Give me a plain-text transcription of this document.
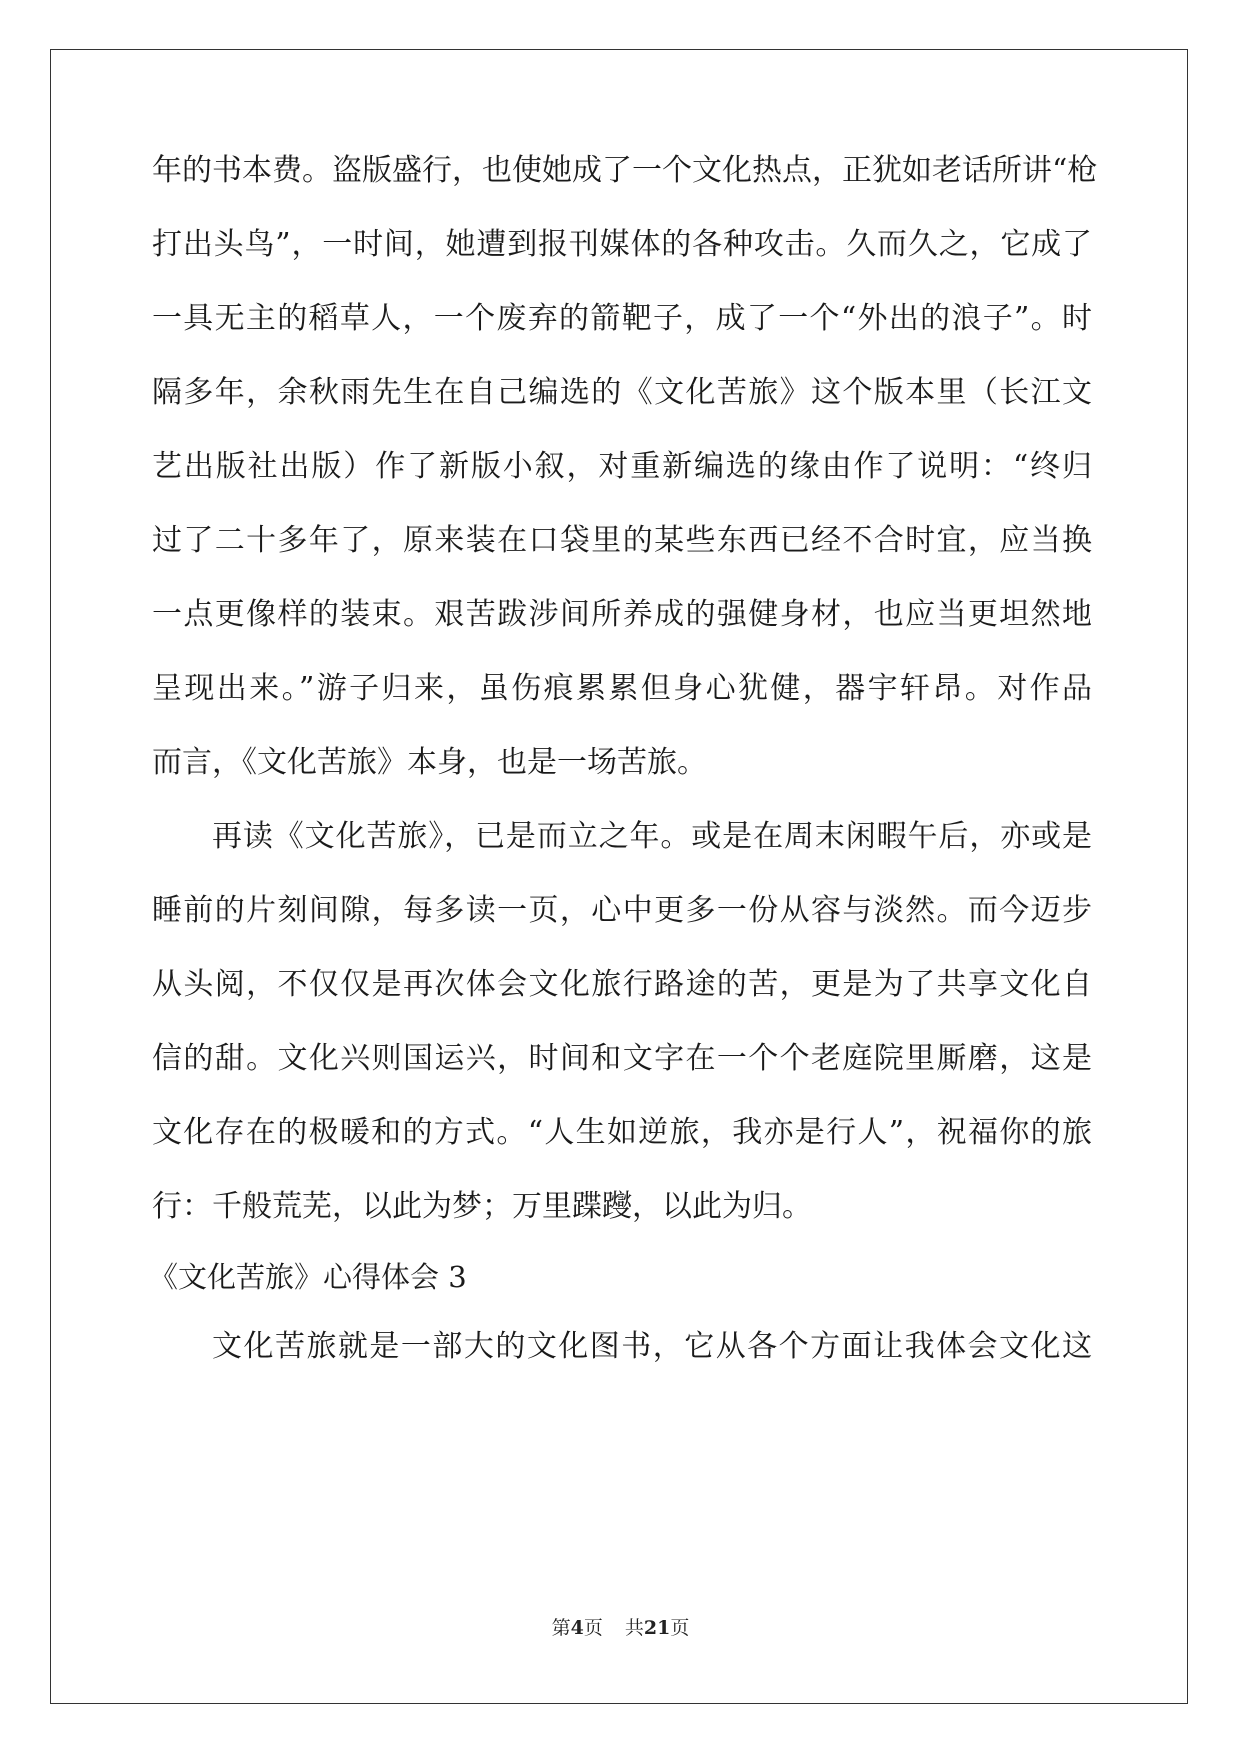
年的书本费。盗版盛行，也使她成了一个文化热点，正犹如老话所讲“枪
打出头鸟”，一时间，她遭到报刊媒体的各种攻击。久而久之，它成了
一具无主的稻草人，一个废弃的箭靶子，成了一个“外出的浪子”。时
隔多年，余秋雨先生在自己编选的《文化苦旅》这个版本里（长江文
艺出版社出版）作了新版小叙，对重新编选的缘由作了说明：“终归
过了二十多年了，原来装在口袋里的某些东西已经不合时宜，应当换
一点更像样的装束。艰苦跋涉间所养成的强健身材，也应当更坦然地
呈现出来。”游子归来，虽伤痕累累但身心犹健，器宇轩昂。对作品
而言，《文化苦旅》本身，也是一场苦旅。
再读《文化苦旅》，已是而立之年。或是在周末闲暇午后，亦或是
睡前的片刻间隙，每多读一页，心中更多一份从容与淡然。而今迈步
从头阅，不仅仅是再次体会文化旅行路途的苦，更是为了共享文化自
信的甜。文化兴则国运兴，时间和文字在一个个老庭院里厮磨，这是
文化存在的极暖和的方式。“人生如逆旅，我亦是行人”，祝福你的旅
行：千般荒芜，以此为梦；万里蹀躞，以此为归。
《文化苦旅》心得体会 3
文化苦旅就是一部大的文化图书，它从各个方面让我体会文化这
第4页 共21页
